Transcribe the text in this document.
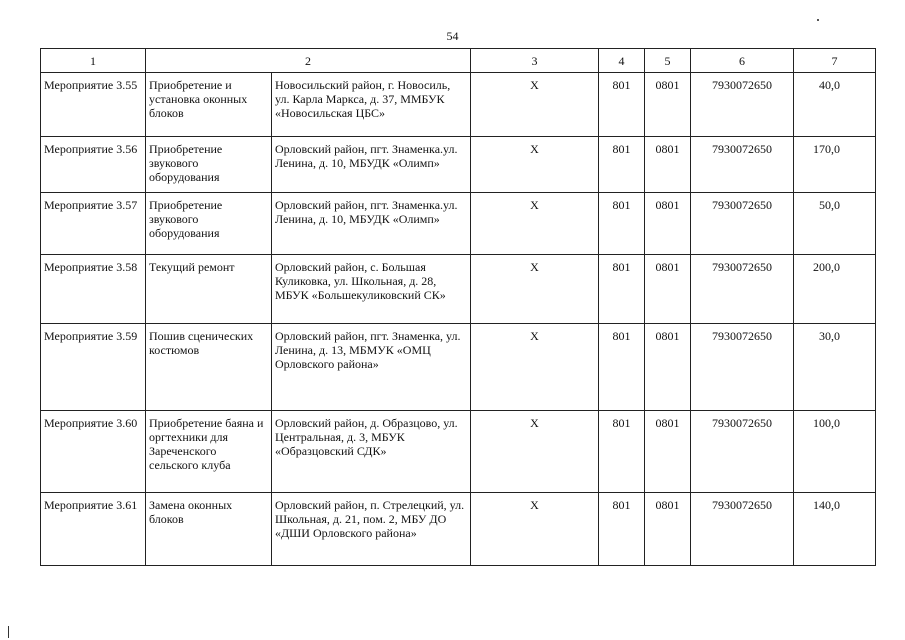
54
1	2		3	4	5	6	7
Мероприятие 3.55	Приобретение и установка оконных блоков	Новосильский район, г. Новосиль, ул. Карла Маркса, д. 37, ММБУК «Новосильская ЦБС»	Х	801	0801	7930072650	40,0
Мероприятие 3.56	Приобретение звукового оборудования	Орловский район, пгт. Знаменка.ул. Ленина, д. 10, МБУДК «Олимп»	Х	801	0801	7930072650	170,0
Мероприятие 3.57	Приобретение звукового оборудования	Орловский район, пгт. Знаменка.ул. Ленина, д. 10, МБУДК «Олимп»	Х	801	0801	7930072650	50,0
Мероприятие 3.58	Текущий ремонт	Орловский район, с. Большая Куликовка, ул. Школьная, д. 28, МБУК «Большекуликовский СК»	Х	801	0801	7930072650	200,0
Мероприятие 3.59	Пошив сценических костюмов	Орловский район, пгт. Знаменка, ул. Ленина, д. 13, МБМУК «ОМЦ Орловского района»	Х	801	0801	7930072650	30,0
Мероприятие 3.60	Приобретение баяна и оргтехники для Зареченского сельского клуба	Орловский район, д. Образцово, ул. Центральная, д. 3, МБУК «Образцовский СДК»	Х	801	0801	7930072650	100,0
Мероприятие 3.61	Замена оконных блоков	Орловский район, п. Стрелецкий, ул. Школьная, д. 21, пом. 2, МБУ ДО «ДШИ Орловского района»	Х	801	0801	7930072650	140,0
